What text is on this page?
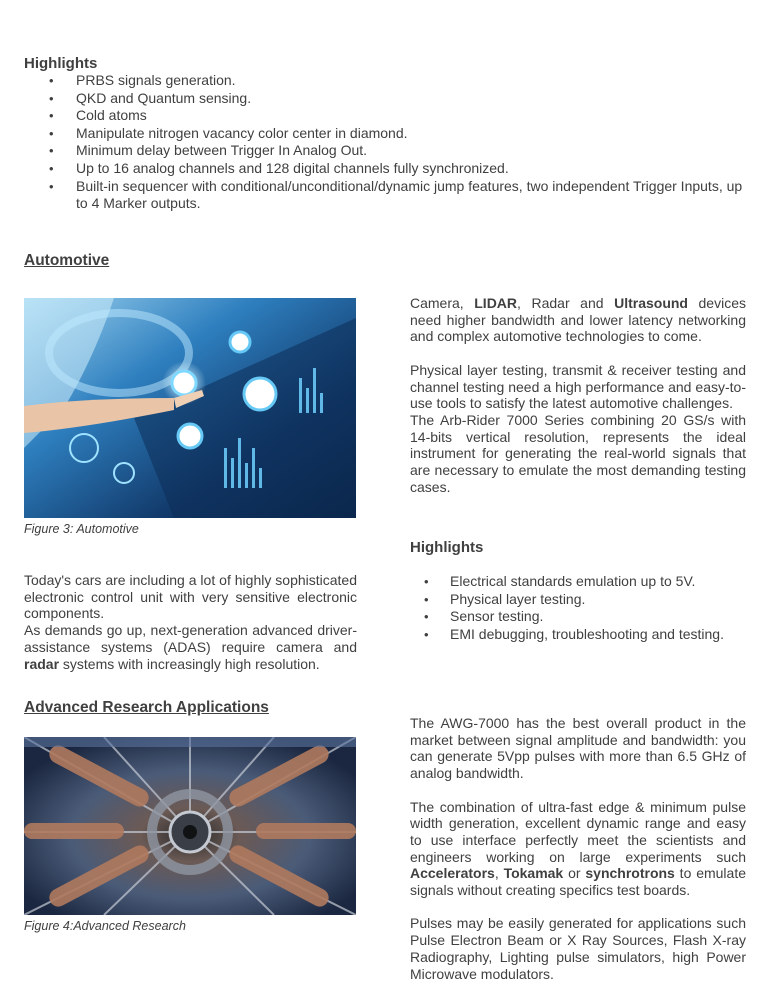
Highlights
• PRBS signals generation.
• QKD and Quantum sensing.
• Cold atoms
• Manipulate nitrogen vacancy color center in diamond.
• Minimum delay between Trigger In Analog Out.
• Up to 16 analog channels and 128 digital channels fully synchronized.
• Built-in sequencer with conditional/unconditional/dynamic jump features, two independent Trigger Inputs, up to 4 Marker outputs.
Automotive
Figure 3: Automotive

Camera, LIDAR, Radar and Ultrasound devices need higher bandwidth and lower latency networking and complex automotive technologies to come.

Physical layer testing, transmit & receiver testing and channel testing need a high performance and easy-to-use tools to satisfy the latest automotive challenges.

The Arb-Rider 7000 Series combining 20 GS/s with 14-bits vertical resolution, represents the ideal instrument for generating the real-world signals that are necessary to emulate the most demanding testing cases.

Highlights
• Electrical standards emulation up to 5V.
• Physical layer testing.
• Sensor testing.
• EMI debugging, troubleshooting and testing.

Today's cars are including a lot of highly sophisticated electronic control unit with very sensitive electronic components.

As demands go up, next-generation advanced driver-assistance systems (ADAS) require camera and radar systems with increasingly high resolution.

Advanced Research Applications
Figure 4:Advanced Research

The AWG-7000 has the best overall product in the market between signal amplitude and bandwidth: you can generate 5Vpp pulses with more than 6.5 GHz of analog bandwidth.

The combination of ultra-fast edge & minimum pulse width generation, excellent dynamic range and easy to use interface perfectly meet the scientists and engineers working on large experiments such Accelerators, Tokamak or synchrotrons to emulate signals without creating specifics test boards.

Pulses may be easily generated for applications such Pulse Electron Beam or X Ray Sources, Flash X-ray Radiography, Lighting pulse simulators, high Power Microwave modulators.
